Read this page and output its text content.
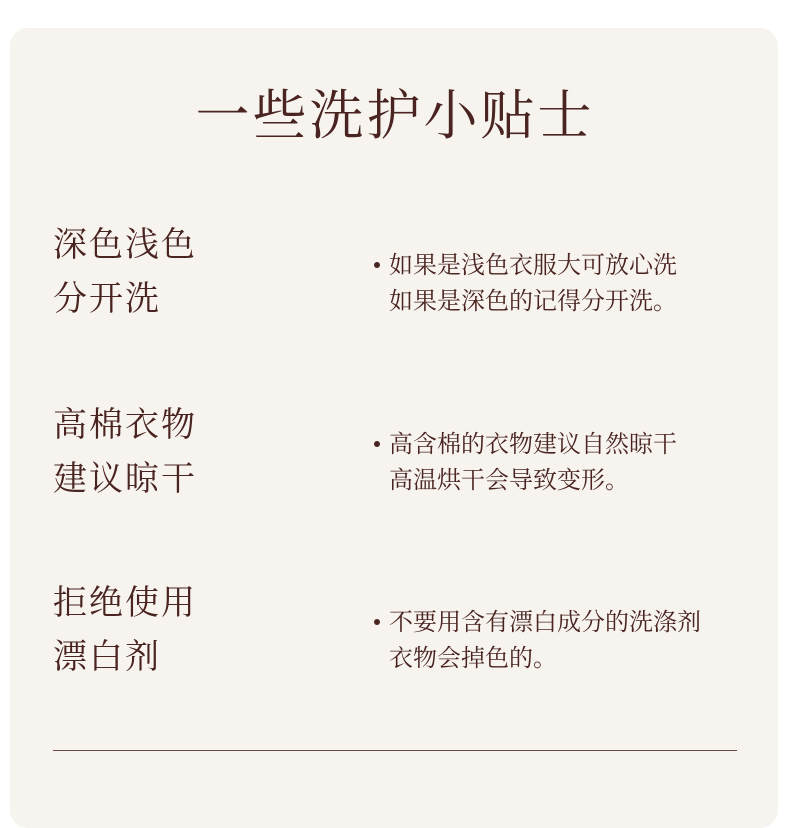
一些洗护小贴士
深色浅色
分开洗
如果是浅色衣服大可放心洗
如果是深色的记得分开洗。
高棉衣物
建议晾干
高含棉的衣物建议自然晾干
高温烘干会导致变形。
拒绝使用
漂白剂
不要用含有漂白成分的洗涤剂
衣物会掉色的。
